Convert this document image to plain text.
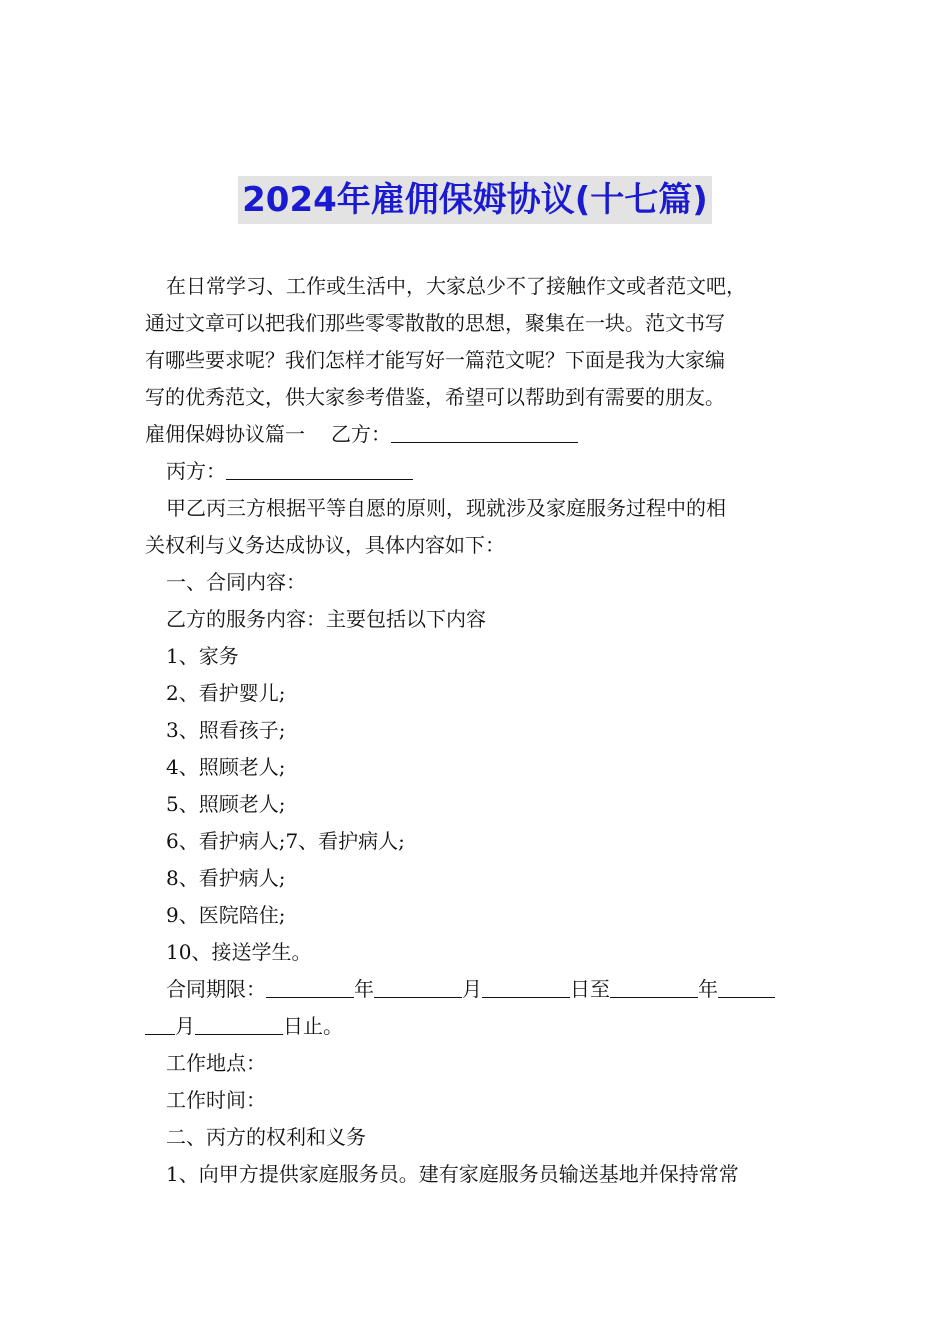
2024年雇佣保姆协议(十七篇)
在日常学习、工作或生活中，大家总少不了接触作文或者范文吧，
通过文章可以把我们那些零零散散的思想，聚集在一块。范文书写
有哪些要求呢？我们怎样才能写好一篇范文呢？下面是我为大家编
写的优秀范文，供大家参考借鉴，希望可以帮助到有需要的朋友。
雇佣保姆协议篇一 乙方：
丙方：
甲乙丙三方根据平等自愿的原则，现就涉及家庭服务过程中的相
关权利与义务达成协议，具体内容如下：
一、合同内容：
乙方的服务内容：主要包括以下内容
1、家务
2、看护婴儿;
3、照看孩子;
4、照顾老人;
5、照顾老人;
6、看护病人;7、看护病人;
8、看护病人;
9、医院陪住;
10、接送学生。
合同期限：	年	月	日至	年
月	日止。
工作地点：
工作时间：
二、丙方的权利和义务
1、向甲方提供家庭服务员。建有家庭服务员输送基地并保持常常
